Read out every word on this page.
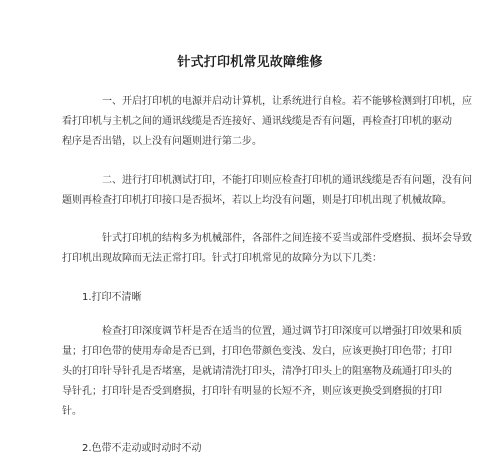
针式打印机常见故障维修

一、开启打印机的电源并启动计算机，让系统进行自检。若不能够检测到打印机，应
看打印机与主机之间的通讯线缆是否连接好、通讯线缆是否有问题，再检查打印机的驱动
程序是否出错，以上没有问题则进行第二步。

二、进行打印机测试打印，不能打印则应检查打印机的通讯线缆是否有问题，没有问
题则再检查打印机打印接口是否损坏，若以上均没有问题，则是打印机出现了机械故障。

针式打印机的结构多为机械部件，各部件之间连接不妥当或部件受磨损、损坏会导致
打印机出现故障而无法正常打印。针式打印机常见的故障分为以下几类：

1.打印不清晰

检查打印深度调节杆是否在适当的位置，通过调节打印深度可以增强打印效果和质
量；打印色带的使用寿命是否已到，打印色带颜色变浅、发白，应该更换打印色带；打印
头的打印针导针孔是否堵塞，是就请清洗打印头，清净打印头上的阻塞物及疏通打印头的
导针孔；打印针是否受到磨损，打印针有明显的长短不齐，则应该更换受到磨损的打印
针。

2.色带不走动或时动时不动
